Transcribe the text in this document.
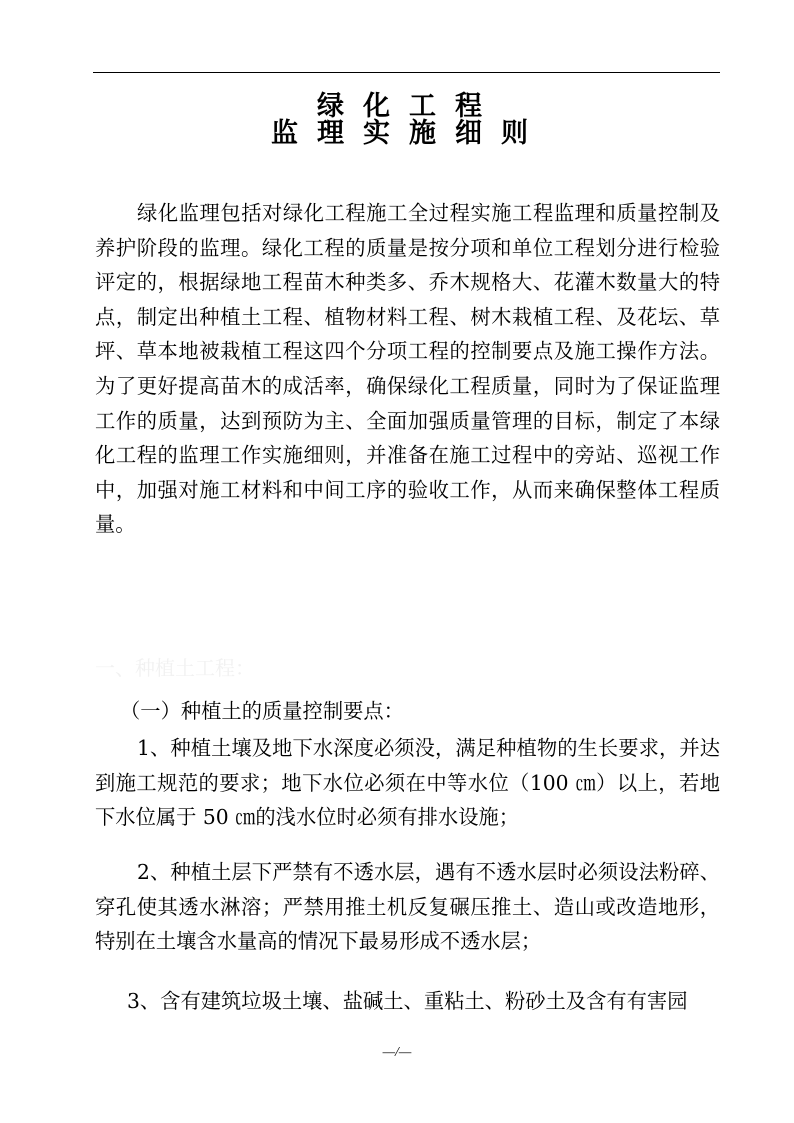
绿化工程
监理实施细则

绿化监理包括对绿化工程施工全过程实施工程监理和质量控制及养护阶段的监理。绿化工程的质量是按分项和单位工程划分进行检验评定的，根据绿地工程苗木种类多、乔木规格大、花灌木数量大的特点，制定出种植土工程、植物材料工程、树木栽植工程、及花坛、草坪、草本地被栽植工程这四个分项工程的控制要点及施工操作方法。为了更好提高苗木的成活率，确保绿化工程质量，同时为了保证监理工作的质量，达到预防为主、全面加强质量管理的目标，制定了本绿化工程的监理工作实施细则，并准备在施工过程中的旁站、巡视工作中，加强对施工材料和中间工序的验收工作，从而来确保整体工程质量。

一、种植土工程：
（一）种植土的质量控制要点：

1、种植土壤及地下水深度必须没，满足种植物的生长要求，并达到施工规范的要求；地下水位必须在中等水位（100 ㎝）以上，若地下水位属于 50 ㎝的浅水位时必须有排水设施；

2、种植土层下严禁有不透水层，遇有不透水层时必须设法粉碎、穿孔使其透水淋溶；严禁用推土机反复碾压推土、造山或改造地形，特别在土壤含水量高的情况下最易形成不透水层；

3、含有建筑垃圾土壤、盐碱土、重粘土、粉砂土及含有有害园

—/—
